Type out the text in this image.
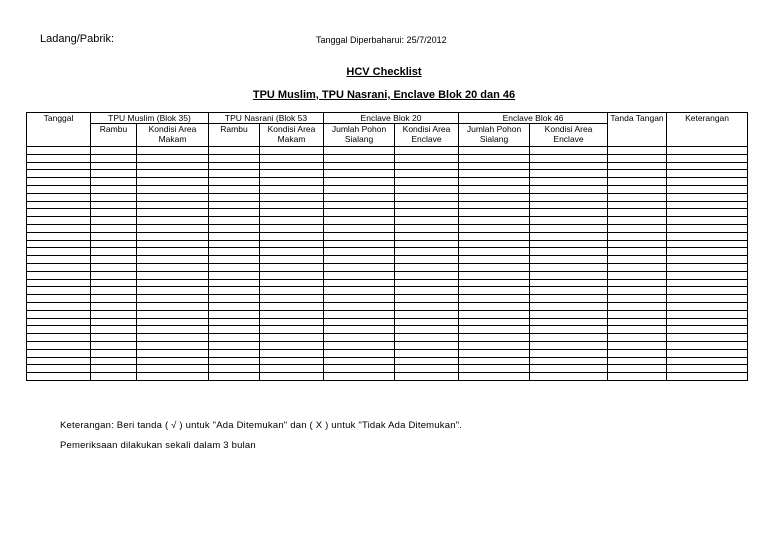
Ladang/Pabrik:	Tanggal Diperbaharui: 25/7/2012
HCV Checklist
TPU Muslim, TPU Nasrani, Enclave Blok 20 dan 46
Tanggal	TPU Muslim (Blok 35)		TPU Nasrani (Blok 53		Enclave Blok 20		Enclave Blok 46		Tanda Tangan	Keterangan
	Rambu	Kondisi Area Makam	Rambu	Kondisi Area Makam	Jumlah Pohon Sialang	Kondisi Area Enclave	Jumlah Pohon Sialang	Kondisi Area Enclave		

Keterangan: Beri tanda ( √ ) untuk "Ada Ditemukan" dan ( X ) untuk "Tidak Ada Ditemukan".
Pemeriksaan dilakukan sekali dalam 3 bulan
